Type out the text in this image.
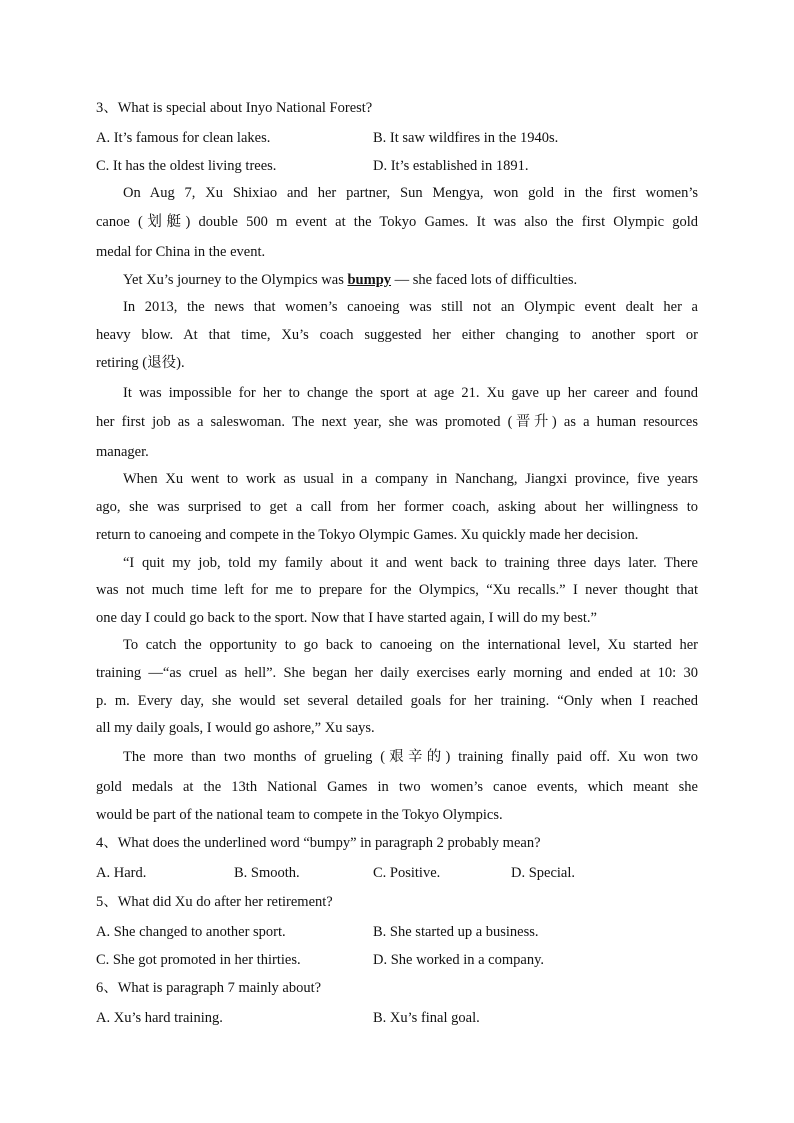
3、What is special about Inyo National Forest?
A. It’s famous for clean lakes.	B. It saw wildfires in the 1940s.
C. It has the oldest living trees.	D. It’s established in 1891.
On Aug 7, Xu Shixiao and her partner, Sun Mengya, won gold in the first women’s
canoe (划艇) double 500 m event at the Tokyo Games. It was also the first Olympic gold
medal for China in the event.
Yet Xu’s journey to the Olympics was bumpy — she faced lots of difficulties.
In 2013, the news that women’s canoeing was still not an Olympic event dealt her a
heavy blow. At that time, Xu’s coach suggested her either changing to another sport or
retiring (退役).
It was impossible for her to change the sport at age 21. Xu gave up her career and found
her first job as a saleswoman. The next year, she was promoted (晋升) as a human resources
manager.
When Xu went to work as usual in a company in Nanchang, Jiangxi province, five years
ago, she was surprised to get a call from her former coach, asking about her willingness to
return to canoeing and compete in the Tokyo Olympic Games. Xu quickly made her decision.
“I quit my job, told my family about it and went back to training three days later. There
was not much time left for me to prepare for the Olympics, “Xu recalls.” I never thought that
one day I could go back to the sport. Now that I have started again, I will do my best.”
To catch the opportunity to go back to canoeing on the international level, Xu started her
training —“as cruel as hell”. She began her daily exercises early morning and ended at 10: 30
p. m. Every day, she would set several detailed goals for her training. “Only when I reached
all my daily goals, I would go ashore,” Xu says.
The more than two months of grueling (艰辛的) training finally paid off. Xu won two
gold medals at the 13th National Games in two women’s canoe events, which meant she
would be part of the national team to compete in the Tokyo Olympics.
4、What does the underlined word “bumpy” in paragraph 2 probably mean?
A. Hard.	B. Smooth.	C. Positive.	D. Special.
5、What did Xu do after her retirement?
A. She changed to another sport.	B. She started up a business.
C. She got promoted in her thirties.	D. She worked in a company.
6、What is paragraph 7 mainly about?
A. Xu’s hard training.	B. Xu’s final goal.
